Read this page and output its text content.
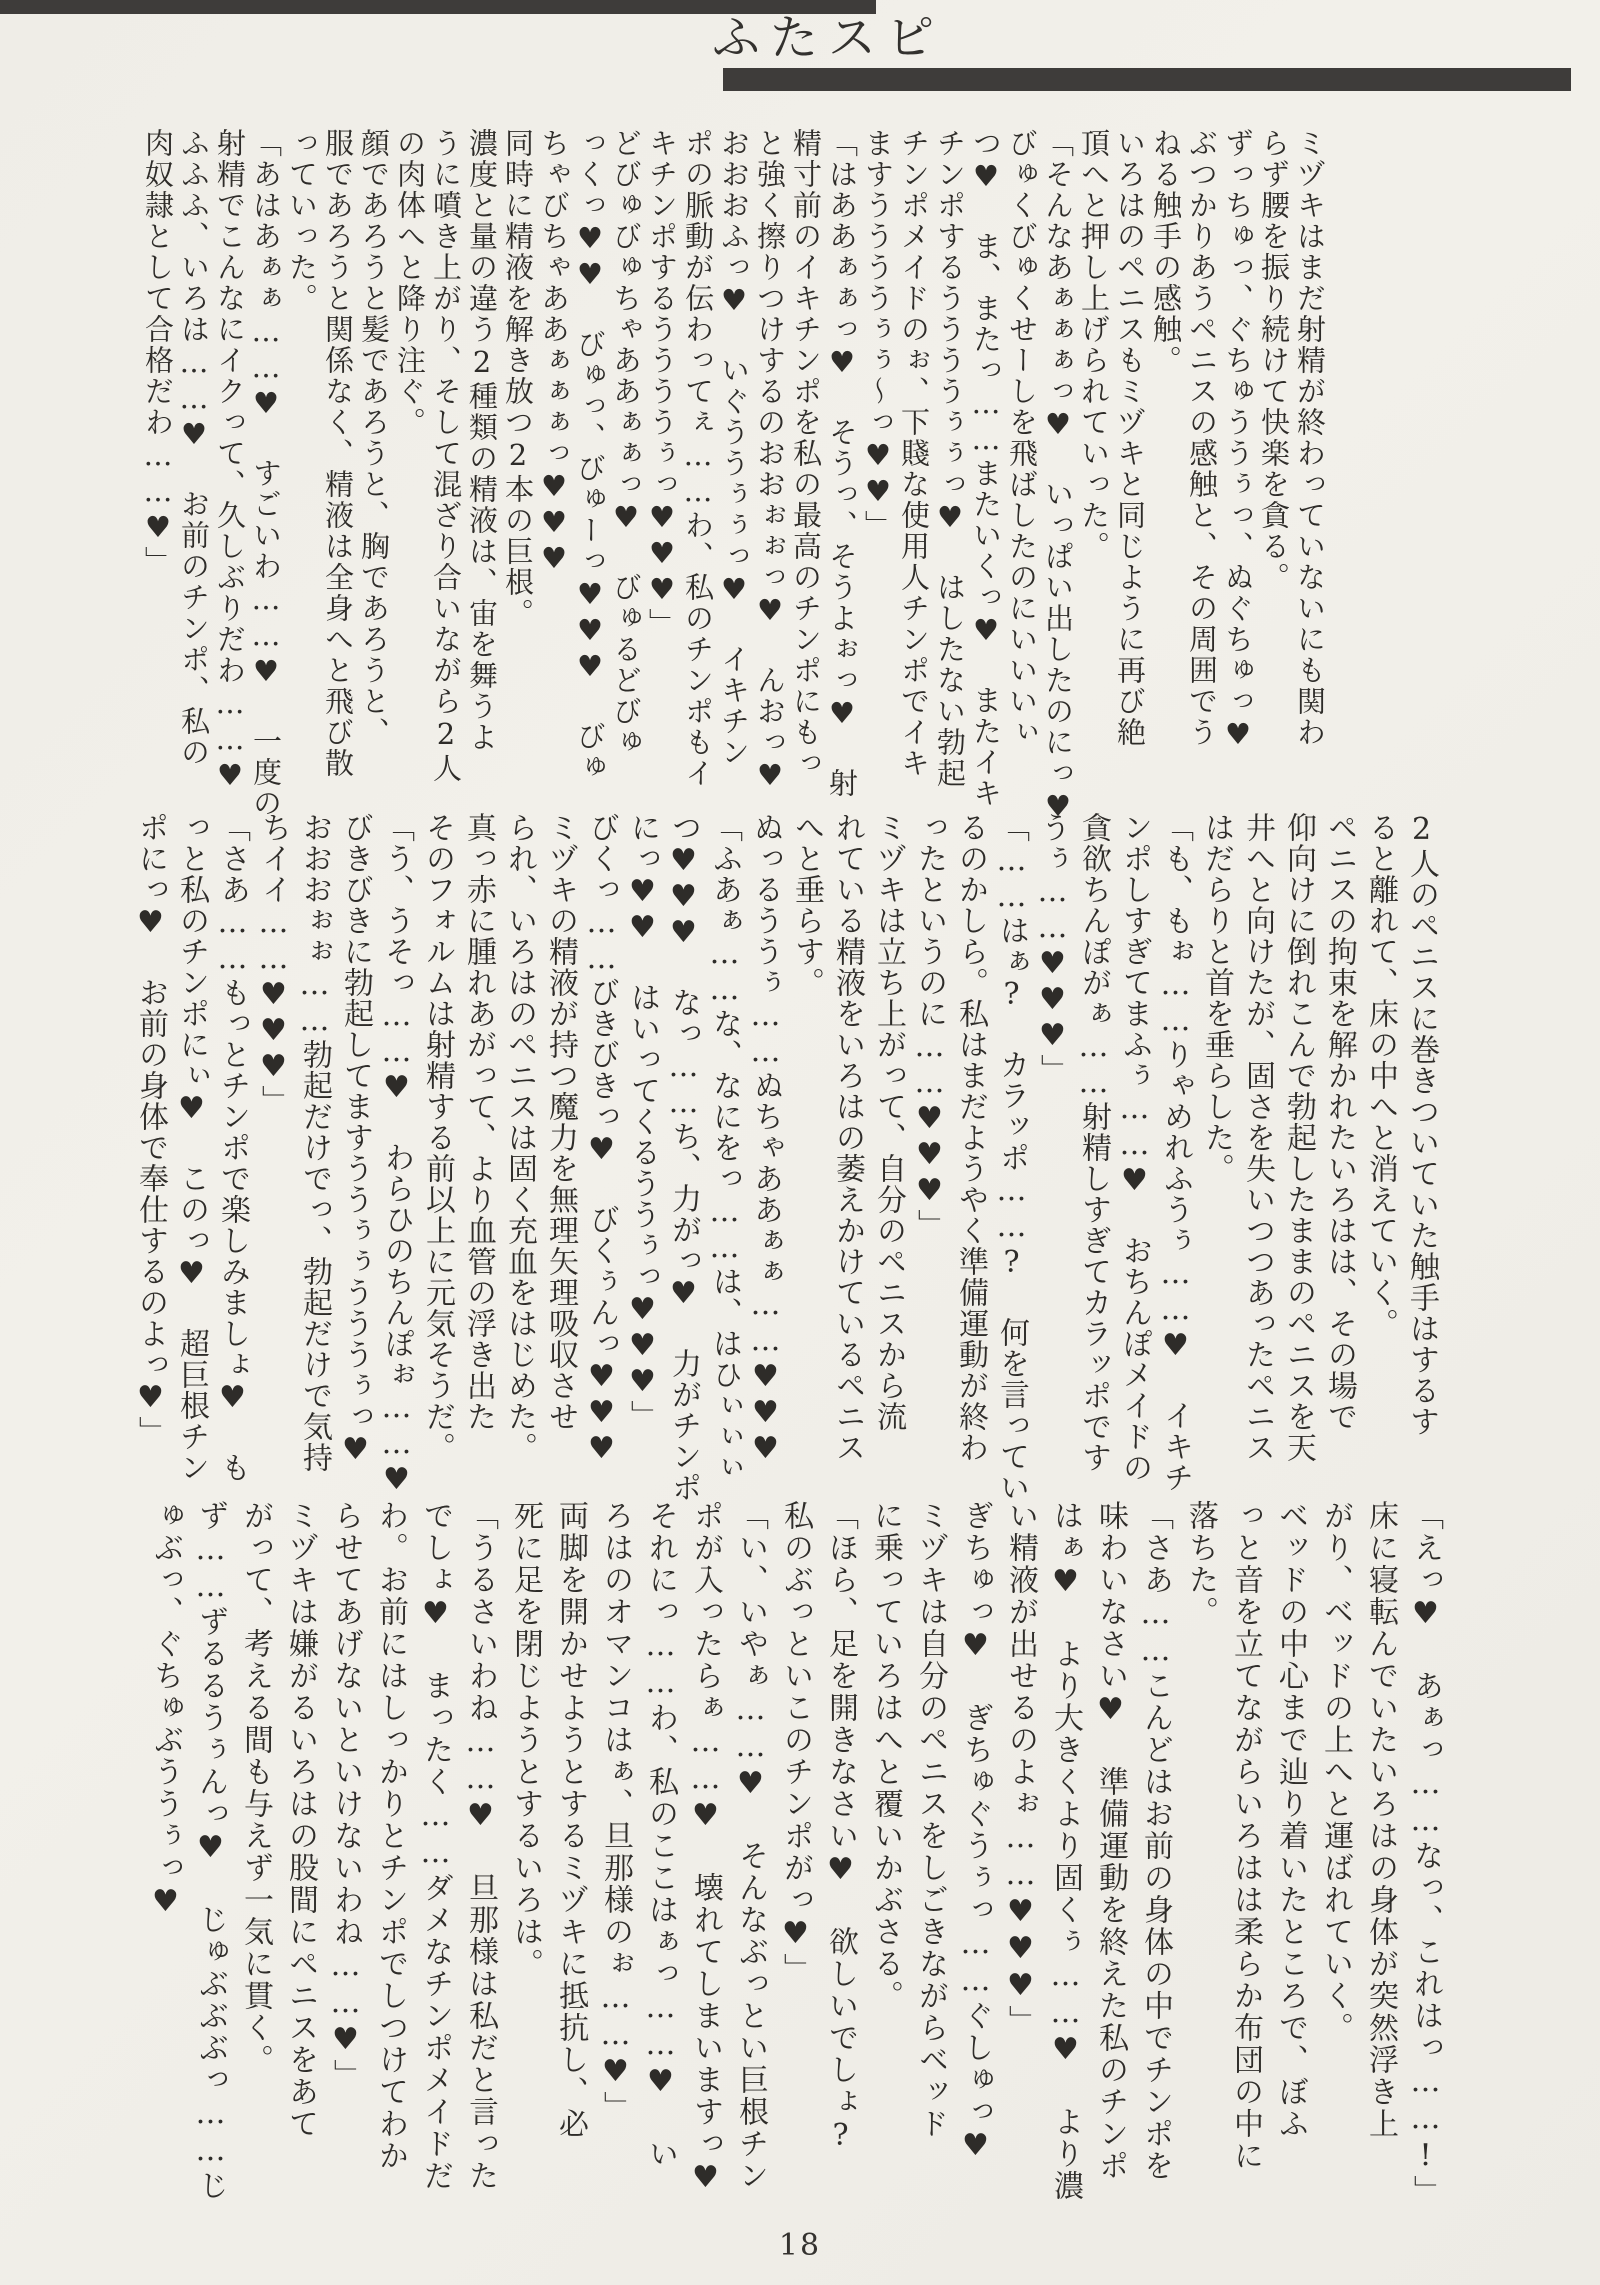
ふたスピ
ミヅキはまだ射精が終わっていないにも関わ
らず腰を振り続けて快楽を貪る。
ずっちゅっ、ぐちゅううぅっ、ぬぐちゅっ♥
ぶつかりあうペニスの感触と、その周囲でう
ねる触手の感触。
いろはのペニスもミヅキと同じように再び絶
頂へと押し上げられていった。
「そんなあぁぁぁっ♥ いっぱい出したのにっ♥
びゅくびゅくせーしを飛ばしたのにいいいぃ
つ♥ ま、またっ……またいくっ♥ またイキ
チンポするううううぅぅっ♥ はしたない勃起
チンポメイドのぉ、下賤な使用人チンポでイキ
ますううううぅぅ〜っ♥♥」
「はああぁぁっ♥ そうっ、そうよぉっ♥ 射
精寸前のイキチンポを私の最高のチンポにもっ
と強く擦りつけするのおおぉぉっ♥ んおっ♥
おおおふっ♥ いぐううぅぅっ♥ イキチン
ポの脈動が伝わってぇ……わ、私のチンポもイ
キチンポするううううぅっ♥♥♥」
どびゅびゅちゃああぁぁっ♥ びゅるどびゅ
っくっ♥♥ びゅっ、びゅーっ♥♥♥ びゅ
ちゃびちゃああぁぁぁっ♥♥♥
同時に精液を解き放つ2本の巨根。
濃度と量の違う2種類の精液は、宙を舞うよ
うに噴き上がり、そして混ざり合いながら2人
の肉体へと降り注ぐ。
顔であろうと髪であろうと、胸であろうと、
服であろうと関係なく、精液は全身へと飛び散
っていった。
「あはあぁぁ……♥ すごいわ……♥ 一度の
射精でこんなにイクって、久しぶりだわ……♥
ふふふ、いろは……♥ お前のチンポ、私の
肉奴隷として合格だわ……♥」
2人のペニスに巻きついていた触手はするす
ると離れて、床の中へと消えていく。
ペニスの拘束を解かれたいろはは、その場で
仰向けに倒れこんで勃起したままのペニスを天
井へと向けたが、固さを失いつつあったペニス
はだらりと首を垂らした。
「も、もぉ……りゃめれふうぅ……♥ イキチ
ンポしすぎてまふぅ……♥ おちんぽメイドの
貪欲ちんぽがぁ……射精しすぎてカラッポです
うぅ……♥♥♥」
「……はぁ? カラッポ……? 何を言ってい
るのかしら。私はまだようやく準備運動が終わ
ったというのに……♥♥♥」
ミヅキは立ち上がって、自分のペニスから流
れている精液をいろはの萎えかけているペニス
へと垂らす。
ぬっるううぅ……ぬちゃああぁぁ……♥♥♥
「ふあぁ……な、なにをっ……は、はひぃぃぃ
つ♥♥♥ なっ……ち、力がっ♥ 力がチンポ
にっ♥♥ はいってくるううぅっ♥♥♥」
びくっ……びきびきっ♥ びくぅんっ♥♥♥
ミヅキの精液が持つ魔力を無理矢理吸収させ
られ、いろはのペニスは固く充血をはじめた。
真っ赤に腫れあがって、より血管の浮き出た
そのフォルムは射精する前以上に元気そうだ。
「う、うそっ……♥ わらひのちんぽぉ……♥
びきびきに勃起してますううぅぅうううぅっ♥
おおおぉぉ……勃起だけでっ、勃起だけで気持
ちイイ……♥♥♥」
「さあ……もっとチンポで楽しみましょ♥ も
っと私のチンポにぃ♥ このっ♥ 超巨根チン
ポにっ♥ お前の身体で奉仕するのよっ♥」
「えっ♥ あぁっ……なっ、これはっ……!」
床に寝転んでいたいろはの身体が突然浮き上
がり、ベッドの上へと運ばれていく。
ベッドの中心まで辿り着いたところで、ぼふ
っと音を立てながらいろはは柔らか布団の中に
落ちた。
「さあ……こんどはお前の身体の中でチンポを
味わいなさい♥ 準備運動を終えた私のチンポ
はぁ♥ より大きくより固くぅ……♥ より濃
い精液が出せるのよぉ……♥♥♥」
ぎちゅっ♥ ぎちゅぐうぅっ……ぐしゅっ♥
ミヅキは自分のペニスをしごきながらベッド
に乗っていろはへと覆いかぶさる。
「ほら、足を開きなさい♥ 欲しいでしょ?
私のぶっといこのチンポがっ♥」
「い、いやぁ……♥ そんなぶっとい巨根チン
ポが入ったらぁ……♥ 壊れてしまいますっ♥
それにっ……わ、私のここはぁっ……♥ い
ろはのオマンコはぁ、旦那様のぉ……♥」
両脚を開かせようとするミヅキに抵抗し、必
死に足を閉じようとするいろは。
「うるさいわね……♥ 旦那様は私だと言った
でしょ♥ まったく……ダメなチンポメイドだ
わ。お前にはしっかりとチンポでしつけてわか
らせてあげないといけないわね……♥」
ミヅキは嫌がるいろはの股間にペニスをあて
がって、考える間も与えず一気に貫く。
ず……ずるるうぅんっ♥ じゅぶぶぶっ……じ
ゅぶっ、ぐちゅぶううぅっ♥
18
